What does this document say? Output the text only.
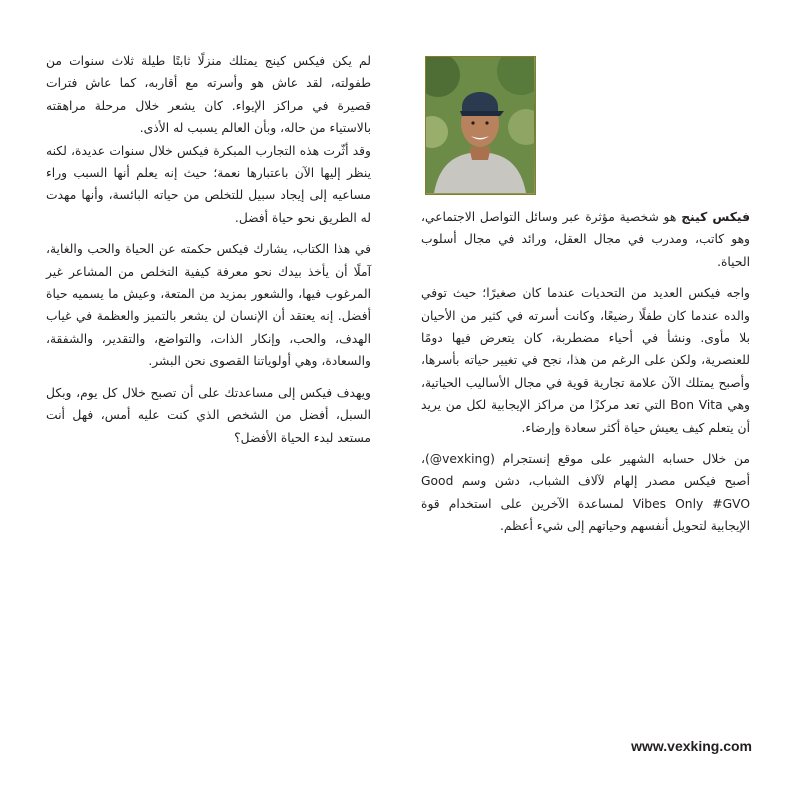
لم يكن فيكس كينج يمتلك منزلًا ثابتًا طيلة ثلاث سنوات من طفولته، لقد عاش هو وأسرته مع أقاربه، كما عاش فترات قصيرة في مراكز الإيواء. كان يشعر خلال مرحلة مراهقته بالاستياء من حاله، وبأن العالم يسبب له الأذى.

وقد أثّرت هذه التجارب المبكرة فيكس خلال سنوات عديدة، لكنه ينظر إليها الآن باعتبارها نعمة؛ حيث إنه يعلم أنها السبب وراء مساعيه إلى إيجاد سبيل للتخلص من حياته البائسة، وأنها مهدت له الطريق نحو حياة أفضل.

في هذا الكتاب، يشارك فيكس حكمته عن الحياة والحب والغاية، آملًا أن يأخذ بيدك نحو معرفة كيفية التخلص من المشاعر غير المرغوب فيها، والشعور بمزيد من المتعة، وعيش ما يسميه حياة أفضل. إنه يعتقد أن الإنسان لن يشعر بالتميز والعظمة في غياب الهدف، والحب، وإنكار الذات، والتواضع، والتقدير، والشفقة، والسعادة، وهي أولوياتنا القصوى نحن البشر.

ويهدف فيكس إلى مساعدتك على أن تصبح خلال كل يوم، وبكل السبل، أفضل من الشخص الذي كنت عليه أمس، فهل أنت مستعد لبدء الحياة الأفضل؟

فيكس كينج هو شخصية مؤثرة عبر وسائل التواصل الاجتماعي، وهو كاتب، ومدرب في مجال العقل، ورائد في مجال أسلوب الحياة.

واجه فيكس العديد من التحديات عندما كان صغيرًا؛ حيث توفي والده عندما كان طفلًا رضيعًا، وكانت أسرته في كثير من الأحيان بلا مأوى. ونشأ في أحياء مضطربة، كان يتعرض فيها دومًا للعنصرية، ولكن على الرغم من هذا، نجح في تغيير حياته بأسرها، وأصبح يمتلك الآن علامة تجارية قوية في مجال الأساليب الحياتية، وهي Bon Vita التي تعد مركزًا من مراكز الإيجابية لكل من يريد أن يتعلم كيف يعيش حياة أكثر سعادة وإرضاء.

من خلال حسابه الشهير على موقع إنستجرام (vexking@)، أصبح فيكس مصدر إلهام لآلاف الشباب، دشن وسم Good Vibes Only #GVO لمساعدة الآخرين على استخدام قوة الإيجابية لتحويل أنفسهم وحياتهم إلى شيء أعظم.

www.vexking.com
